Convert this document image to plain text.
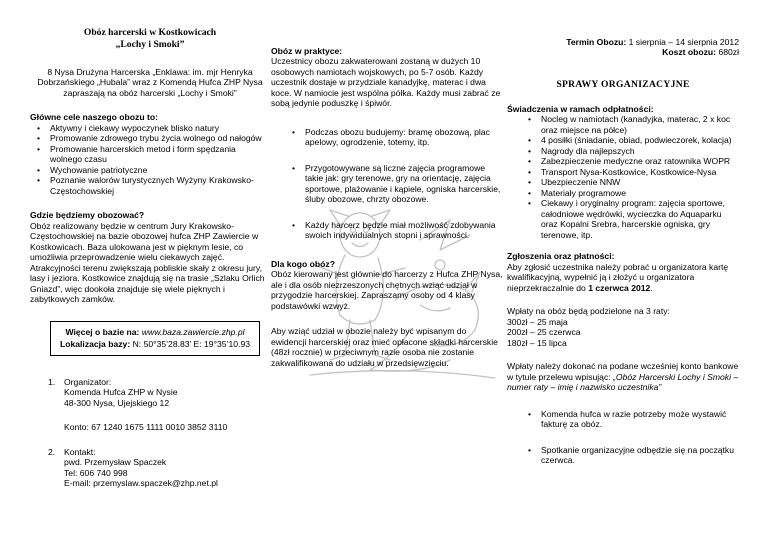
Obóz harcerski w Kostkowicach

„Lochy i Smoki”

8 Nysa Drużyna Harcerska „Enklawa: im. mjr Henryka Dobrzańskiego „Hubala” wraz z Komendą Hufca ZHP Nysa zapraszają na obóz harcerski „Lochy i Smoki”

Główne cele naszego obozu to:

• Aktywny i ciekawy wypoczynek blisko natury
• Promowanie zdrowego trybu życia wolnego od nałogów
• Promowanie harcerskich metod i form spędzania wolnego czasu
• Wychowanie patriotyczne
• Poznanie walorów turystycznych Wyżyny Krakowsko-Częstochowskiej

Gdzie będziemy obozować?

Obóz realizowany będzie w centrum Jury Krakowsko-Częstochowskiej na bazie obozowej hufca ZHP Zawiercie w Kostkowicach. Baza ulokowana jest w pięknym lesie, co umożliwia przeprowadzenie wielu ciekawych zajęć. Atrakcyjności terenu zwiększają pobliskie skały z okresu jury, lasy i jeziora. Kostkowice znajdują się na trasie „Szlaku Orlich Gniazd”, więc dookoła znajduje się wiele pięknych i zabytkowych zamków.

Więcej o bazie na: www.baza.zawiercie.zhp.pl

Lokalizacja bazy: N: 50°35’28.83’ E: 19°35’10.93

1. Organizator:

Komenda Hufca ZHP w Nysie

48-300 Nysa, Ujejskiego 12

Konto: 67 1240 1675 1111 0010 3852 3110

2. Kontakt:

pwd. Przemysław Spaczek

Tel: 606 740 998

E-mail: przemyslaw.spaczek@zhp.net.pl

Obóz w praktyce:

Uczestnicy obozu zakwaterowani zostaną w dużych 10 osobowych namiotach wojskowych, po 5-7 osób. Każdy uczestnik dostaje w przydziale kanadyjkę, materac i dwa koce. W namiocie jest wspólna półka. Każdy musi zabrać ze sobą jedynie poduszkę i śpiwór.

• Podczas obozu budujemy: bramę obozową, plac apelowy, ogrodzenie, totemy, itp.
• Przygotowywane są liczne zajęcia programowe takie jak: gry terenowe, gry na orientację, zajęcia sportowe, plażowanie i kąpiele, ogniska harcerskie, śluby obozowe, chrzty obozowe.
• Każdy harcerz będzie miał możliwość zdobywania swoich indywidualnych stopni i sprawności.

Dla kogo obóz?

Obóz kierowany jest głównie do harcerzy z Hufca ZHP Nysa, ale i dla osób niezrzeszonych chętnych wziąć udział w przygodzie harcerskiej. Zapraszamy osoby od 4 klasy podstawówki wzwyż.

Aby wziąć udział w obozie należy być wpisanym do ewidencji harcerskiej oraz mieć opłacone składki harcerskie (48zł rocznie) w przeciwnym razie osoba nie zostanie zakwalifikowana do udziału w przedsięwzięciu.

Termin Obozu: 1 sierpnia – 14 sierpnia 2012

Koszt obozu: 680zł

SPRAWY ORGANIZACYJNE

Świadczenia w ramach odpłatności:

• Nocleg w namiotach (kanadyjka, materac, 2 x koc oraz miejsce na półce)
• 4 posiłki (śniadanie, obiad, podwieczorek, kolacja)
• Nagrody dla najlepszych
• Zabezpieczenie medyczne oraz ratownika WOPR
• Transport Nysa-Kostkowice, Kostkowice-Nysa
• Ubezpieczenie NNW
• Materiały programowe
• Ciekawy i oryginalny program: zajęcia sportowe, całodniowe wędrówki, wycieczka do Aquaparku oraz Kopalni Srebra, harcerskie ogniska, gry terenowe, itp.

Zgłoszenia oraz płatności:

Aby zgłosić uczestnika należy pobrać u organizatora kartę kwalifikacyjną, wypełnić ją i złożyć u organizatora nieprzekraczalnie do 1 czerwca 2012.

Wpłaty na obóz będą podzielone na 3 raty:

300zł – 25 maja

200zł – 25 czerwca

180zł – 15 lipca

Wpłaty należy dokonać na podane wcześniej konto bankowe w tytule przelewu wpisując: „Obóz Harcerski Lochy i Smoki – numer raty – imię i nazwisko uczestnika”

• Komenda hufca w razie potrzeby może wystawić fakturę za obóz.
• Spotkanie organizacyjne odbędzie się na początku czerwca.
